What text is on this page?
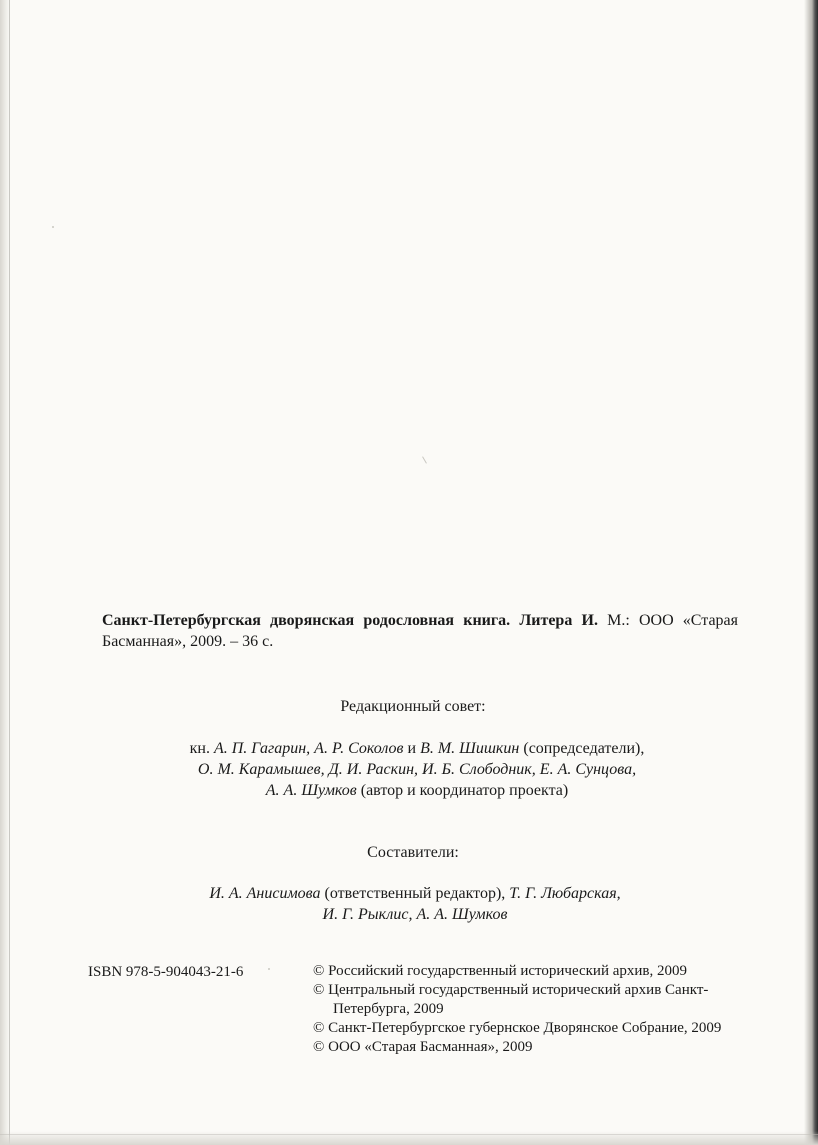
Санкт-Петербургская дворянская родословная книга. Литера И. М.: ООО «Старая Басманная», 2009. – 36 с.

Редакционный совет:
кн. А. П. Гагарин, А. Р. Соколов и В. М. Шишкин (сопредседатели),
О. М. Карамышев, Д. И. Раскин, И. Б. Слободник, Е. А. Сунцова,
А. А. Шумков (автор и координатор проекта)
Составители:
И. А. Анисимова (ответственный редактор), Т. Г. Любарская,
И. Г. Рыклис, А. А. Шумков
ISBN 978-5-904043-21-6	© Российский государственный исторический архив, 2009
© Центральный государственный исторический архив Санкт-Петербурга, 2009
© Санкт-Петербургское губернское Дворянское Собрание, 2009
© ООО «Старая Басманная», 2009
